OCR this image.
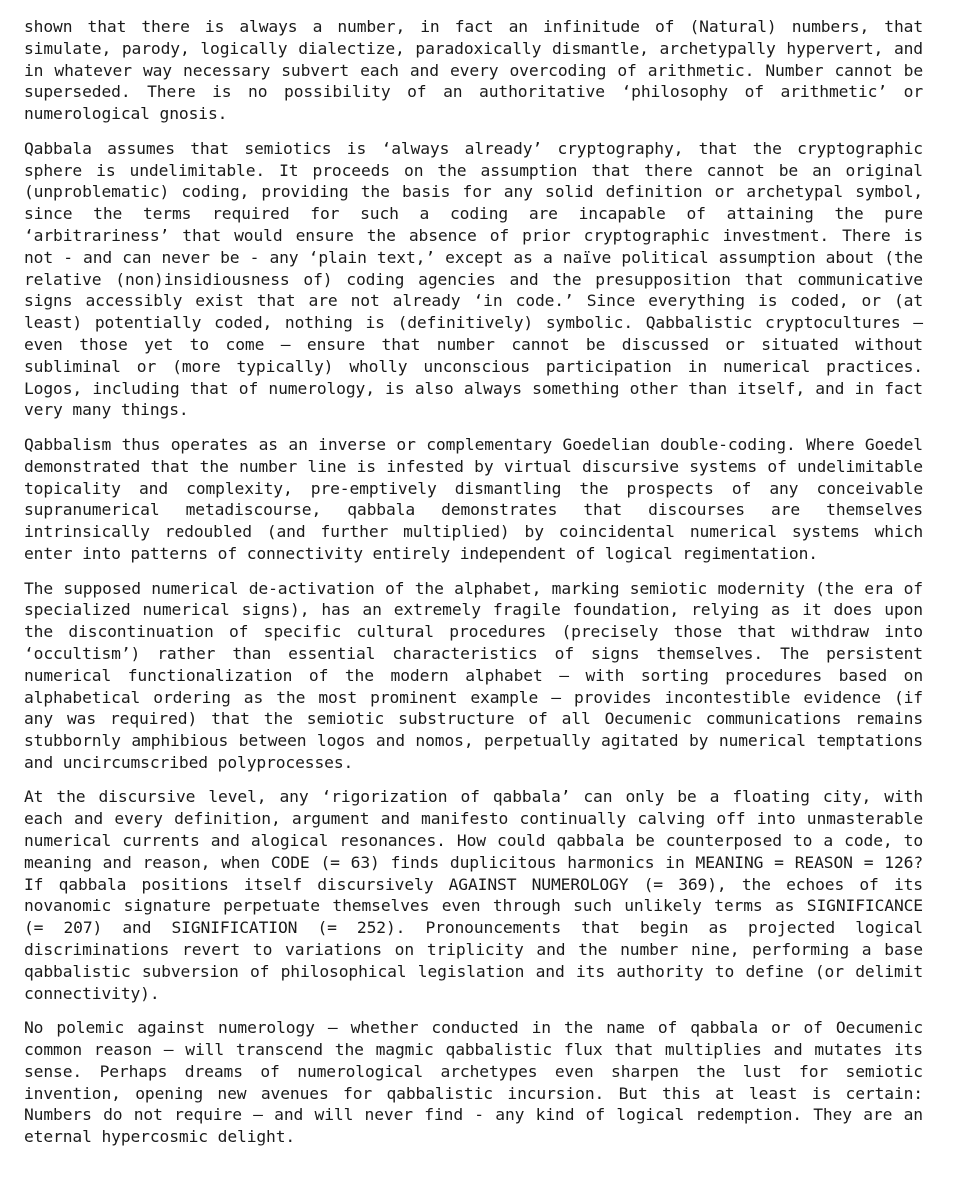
shown that there is always a number, in fact an infinitude of (Natural) numbers, that simulate, parody, logically dialectize, paradoxically dismantle, archetypally hypervert, and in whatever way necessary subvert each and every overcoding of arithmetic. Number cannot be superseded. There is no possibility of an authoritative ‘philosophy of arithmetic’ or numerological gnosis.

Qabbala assumes that semiotics is ‘always already’ cryptography, that the cryptographic sphere is undelimitable. It proceeds on the assumption that there cannot be an original (unproblematic) coding, providing the basis for any solid definition or archetypal symbol, since the terms required for such a coding are incapable of attaining the pure ‘arbitrariness’ that would ensure the absence of prior cryptographic investment. There is not - and can never be - any ‘plain text,’ except as a naïve political assumption about (the relative (non)insidiousness of) coding agencies and the presupposition that communicative signs accessibly exist that are not already ‘in code.’ Since everything is coded, or (at least) potentially coded, nothing is (definitively) symbolic. Qabbalistic cryptocultures — even those yet to come — ensure that number cannot be discussed or situated without subliminal or (more typically) wholly unconscious participation in numerical practices. Logos, including that of numerology, is also always something other than itself, and in fact very many things.

Qabbalism thus operates as an inverse or complementary Goedelian double-coding. Where Goedel demonstrated that the number line is infested by virtual discursive systems of undelimitable topicality and complexity, pre-emptively dismantling the prospects of any conceivable supranumerical metadiscourse, qabbala demonstrates that discourses are themselves intrinsically redoubled (and further multiplied) by coincidental numerical systems which enter into patterns of connectivity entirely independent of logical regimentation.

The supposed numerical de-activation of the alphabet, marking semiotic modernity (the era of specialized numerical signs), has an extremely fragile foundation, relying as it does upon the discontinuation of specific cultural procedures (precisely those that withdraw into ‘occultism’) rather than essential characteristics of signs themselves. The persistent numerical functionalization of the modern alphabet — with sorting procedures based on alphabetical ordering as the most prominent example — provides incontestible evidence (if any was required) that the semiotic substructure of all Oecumenic communications remains stubbornly amphibious between logos and nomos, perpetually agitated by numerical temptations and uncircumscribed polyprocesses.

At the discursive level, any ‘rigorization of qabbala’ can only be a floating city, with each and every definition, argument and manifesto continually calving off into unmasterable numerical currents and alogical resonances. How could qabbala be counterposed to a code, to meaning and reason, when CODE (= 63) finds duplicitous harmonics in MEANING = REASON = 126? If qabbala positions itself discursively AGAINST NUMEROLOGY (= 369), the echoes of its novanomic signature perpetuate themselves even through such unlikely terms as SIGNIFICANCE (= 207) and SIGNIFICATION (= 252). Pronouncements that begin as projected logical discriminations revert to variations on triplicity and the number nine, performing a base qabbalistic subversion of philosophical legislation and its authority to define (or delimit connectivity).

No polemic against numerology — whether conducted in the name of qabbala or of Oecumenic common reason — will transcend the magmic qabbalistic flux that multiplies and mutates its sense. Perhaps dreams of numerological archetypes even sharpen the lust for semiotic invention, opening new avenues for qabbalistic incursion. But this at least is certain: Numbers do not require — and will never find - any kind of logical redemption. They are an eternal hypercosmic delight.
